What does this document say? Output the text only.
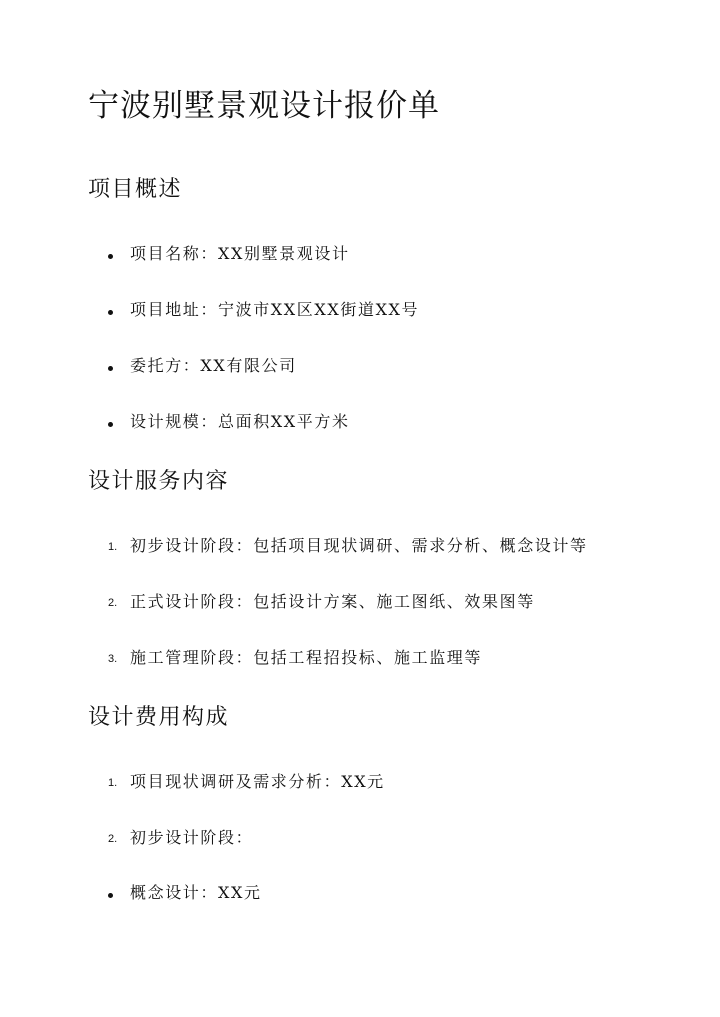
宁波别墅景观设计报价单
项目概述
项目名称：XX别墅景观设计
项目地址：宁波市XX区XX街道XX号
委托方：XX有限公司
设计规模：总面积XX平方米
设计服务内容
1. 初步设计阶段：包括项目现状调研、需求分析、概念设计等
2. 正式设计阶段：包括设计方案、施工图纸、效果图等
3. 施工管理阶段：包括工程招投标、施工监理等
设计费用构成
1. 项目现状调研及需求分析：XX元
2. 初步设计阶段：
概念设计：XX元
